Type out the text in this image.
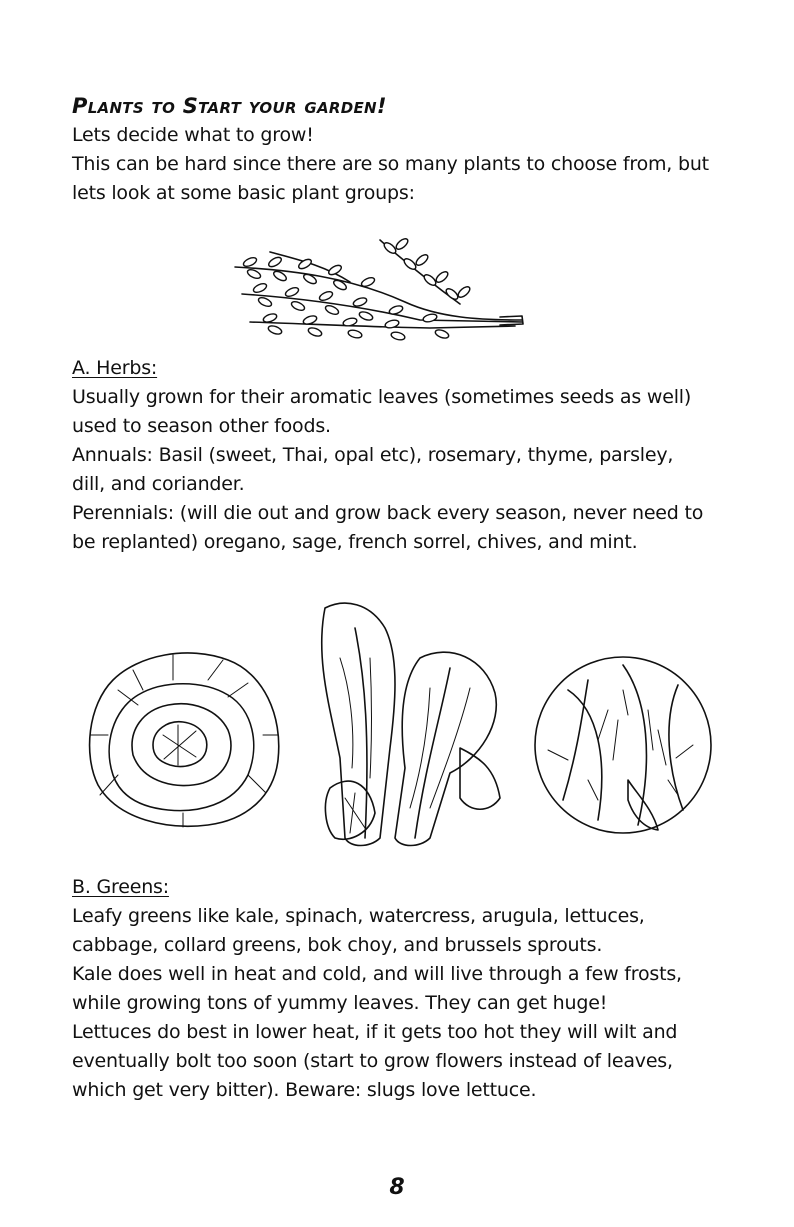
Plants to Start your garden!
Lets decide what to grow!
This can be hard since there are so many plants to choose from, but
lets look at some basic plant groups:
A. Herbs:
Usually grown for their aromatic leaves (sometimes seeds as well)
used to season other foods.
Annuals: Basil (sweet, Thai, opal etc), rosemary, thyme, parsley,
dill, and coriander.
Perennials: (will die out and grow back every season, never need to
be replanted) oregano, sage, french sorrel, chives, and mint.
B. Greens:
Leafy greens like kale, spinach, watercress, arugula, lettuces,
cabbage, collard greens, bok choy, and brussels sprouts.
Kale does well in heat and cold, and will live through a few frosts,
while growing tons of yummy leaves. They can get huge!
Lettuces do best in lower heat, if it gets too hot they will wilt and
eventually bolt too soon (start to grow flowers instead of leaves,
which get very bitter). Beware: slugs love lettuce.
8
